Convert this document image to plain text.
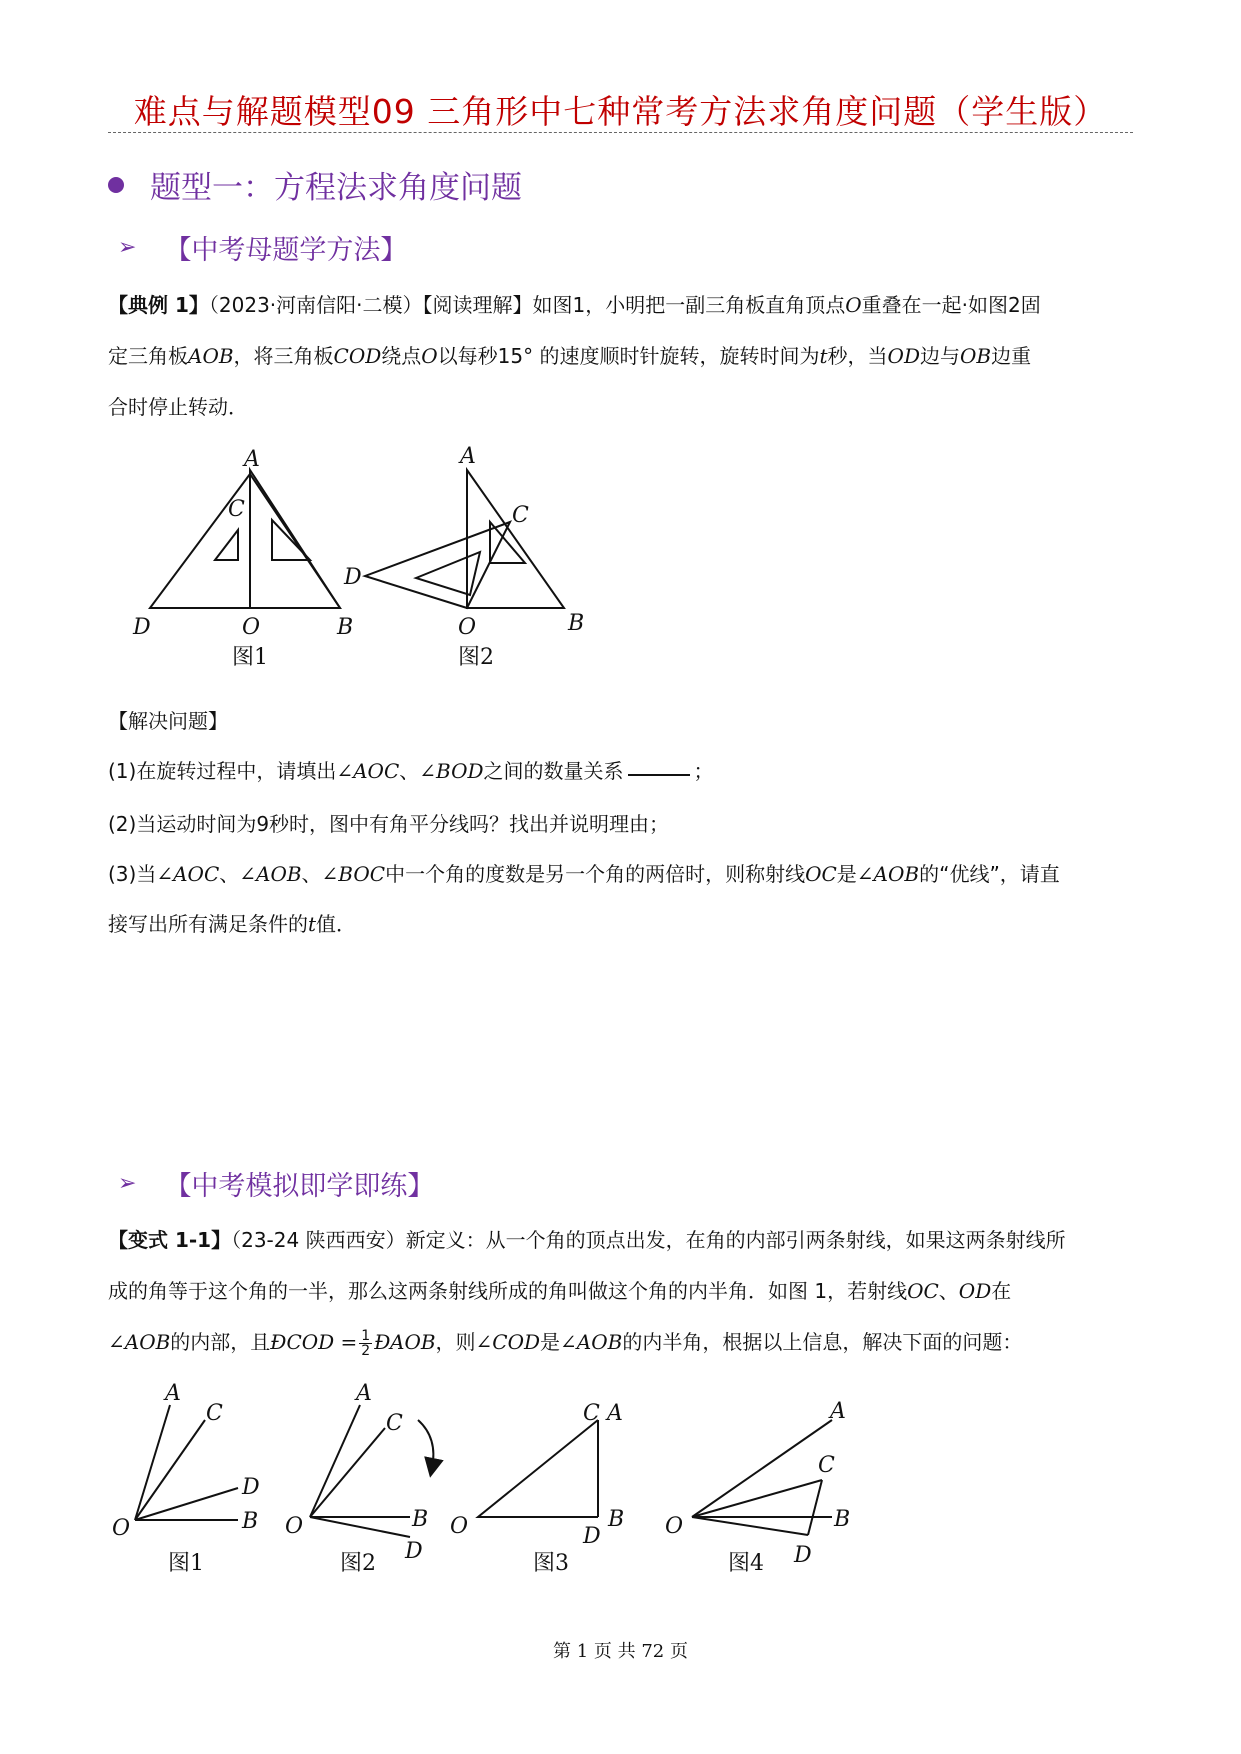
难点与解题模型09 三角形中七种常考方法求角度问题（学生版）
题型一：方程法求角度问题
➢ 【中考母题学方法】
【典例 1】（2023·河南信阳·二模）【阅读理解】如图1，小明把一副三角板直角顶点O重叠在一起·如图2固
定三角板AOB，将三角板COD绕点O以每秒15° 的速度顺时针旋转，旋转时间为t秒，当OD边与OB边重
合时停止转动．
A
C
D	O	B
图1
A
C
D
O	B
图2
【解决问题】
(1)在旋转过程中，请填出∠AOC、∠BOD之间的数量关系	；
(2)当运动时间为9秒时，图中有角平分线吗？找出并说明理由；
(3)当∠AOC、∠AOB、∠BOC中一个角的度数是另一个角的两倍时，则称射线OC是∠AOB的“优线”，请直
接写出所有满足条件的t值．
➢ 【中考模拟即学即练】
【变式 1-1】（23-24 陕西西安）新定义：从一个角的顶点出发，在角的内部引两条射线，如果这两条射线所
成的角等于这个角的一半，那么这两条射线所成的角叫做这个角的内半角．如图 1，若射线OC、OD在
∠AOB的内部，且ÐCOD = $\frac{1}{2}$ ÐAOB，则∠COD是∠AOB的内半角，根据以上信息，解决下面的问题：
A
C
D
B
O
图1
A
C
B
D
O
图2
C A
B
D
O
图3
A
C
B
D
O
图4
第 1 页 共 72 页
